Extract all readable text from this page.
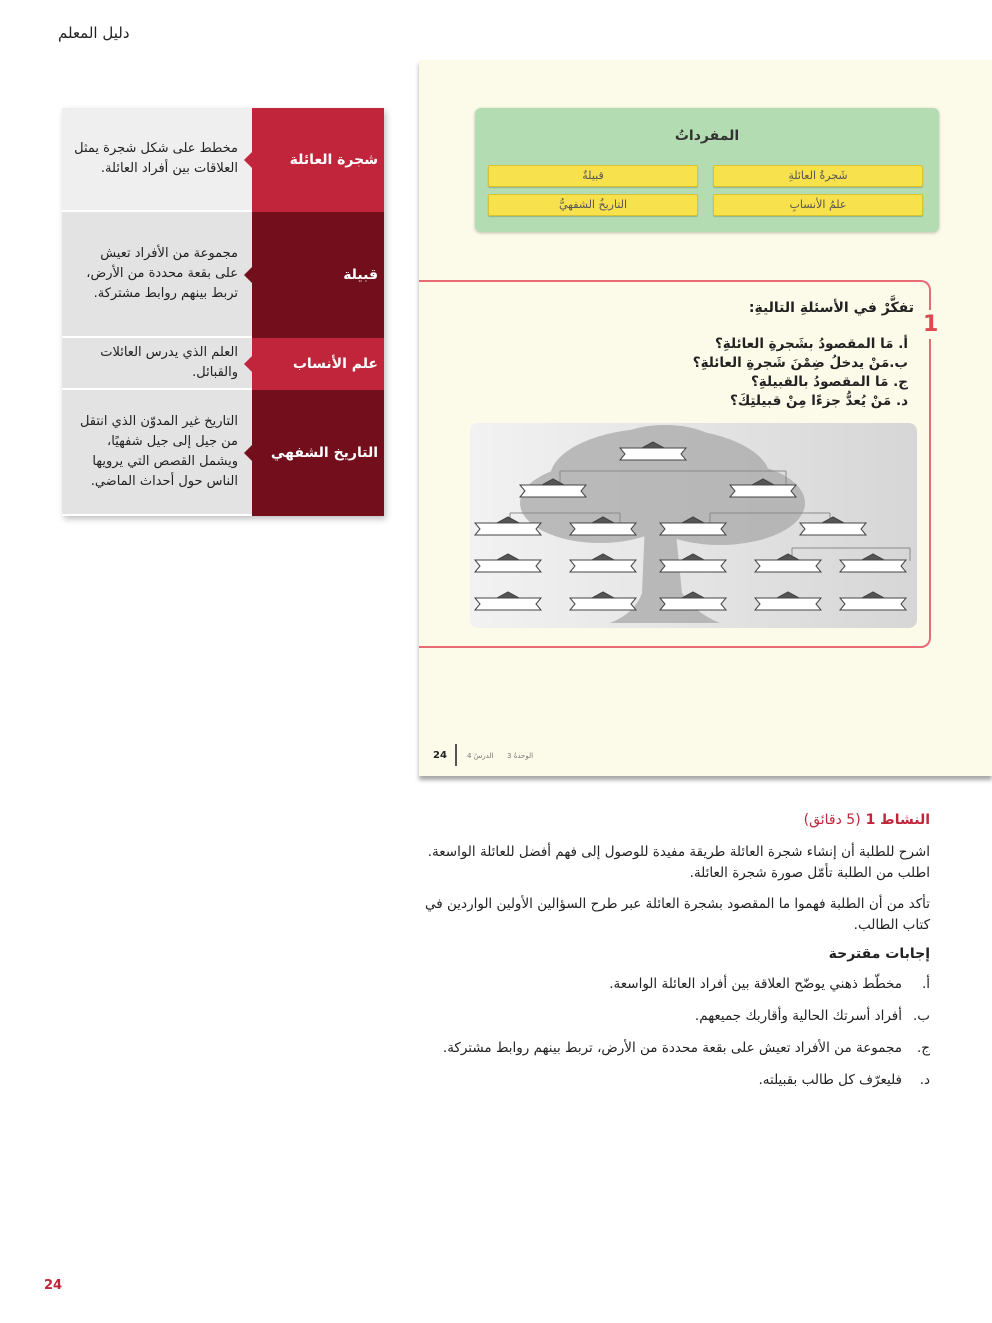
دليل المعلم
مخطط على شكل شجرة يمثل العلاقات بين أفراد العائلة.
شجرة العائلة
مجموعة من الأفراد تعيش على بقعة محددة من الأرض، تربط بينهم روابط مشتركة.
قبيلة
العلم الذي يدرس العائلات والقبائل.
علم الأنساب
التاريخ غير المدوّن الذي انتقل من جيل إلى جيل شفهيًا، ويشمل القصص التي يرويها الناس حول أحداث الماضي.
التاريخ الشفهي
المفرداتُ
شَجرةُ العائلةِ
قبيلةٌ
علمُ الأنسابِ
التاريخُ الشفهيُّ
1
تفكَّرْ في الأسئلةِ التاليةِ:
أ. مَا المقصودُ بشَجرةِ العائلةِ؟
ب.مَنْ يدخلُ ضِمْنَ شَجرةِ العائلةِ؟
ج. مَا المقصودُ بالقبيلةِ؟
د. مَنْ يُعدُّ جزءًا مِنْ قبيلتِكَ؟
24	الدرسُ 4 الوحدةُ 3
النشاط 1 (5 دقائق)

اشرح للطلبة أن إنشاء شجرة العائلة طريقة مفيدة للوصول إلى فهم أفضل للعائلة الواسعة. اطلب من الطلبة تأمّل صورة شجرة العائلة.

تأكد من أن الطلبة فهموا ما المقصود بشجرة العائلة عبر طرح السؤالين الأولين الواردين في كتاب الطالب.

إجابات مقترحة
أ.
مخطّط ذهني يوضّح العلاقة بين أفراد العائلة الواسعة.
ب.
أفراد أسرتك الحالية وأقاربك جميعهم.
ج.
مجموعة من الأفراد تعيش على بقعة محددة من الأرض، تربط بينهم روابط مشتركة.
د.
فليعرّف كل طالب بقبيلته.
24
